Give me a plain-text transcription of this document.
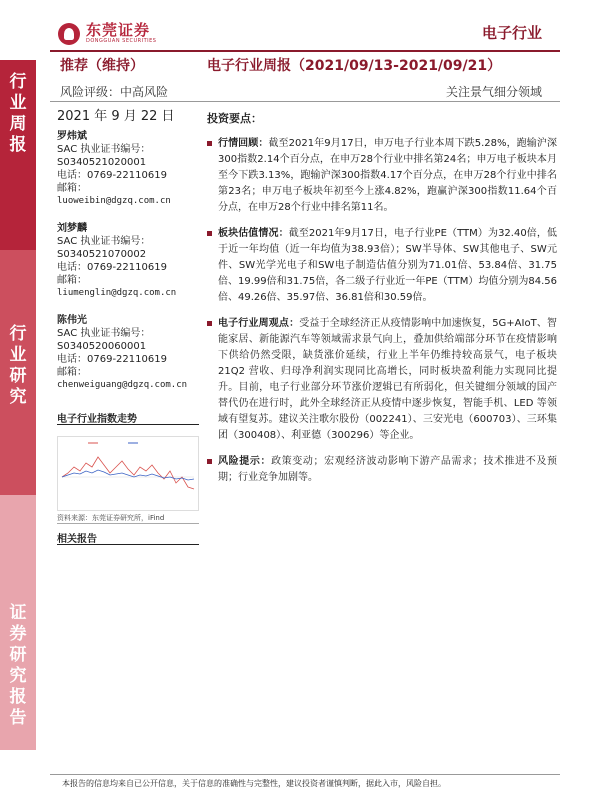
行
业
周
报
行
业
研
究
证
券
研
究
报
告
东莞证券
DONGGUAN SECURITIES	电子行业
推荐（维持）	电子行业周报（2021/09/13-2021/09/21）
风险评级：中高风险	关注景气细分领域
2021 年 9 月 22 日
罗炜斌
SAC 执业证书编号：
S0340521020001
电话：0769-22110619
邮箱：
luoweibin@dgzq.com.cn
刘梦麟
SAC 执业证书编号：
S0340521070002
电话：0769-22110619
邮箱：
liumenglin@dgzq.com.cn
陈伟光
SAC 执业证书编号：
S0340520060001
电话：0769-22110619
邮箱：
chenweiguang@dgzq.com.cn
电子行业指数走势
资料来源：东莞证券研究所，iFind
相关报告
投资要点：
行情回顾：截至2021年9月17日，申万电子行业本周下跌5.28%，跑输沪深300指数2.14个百分点，在申万28个行业中排名第24名；申万电子板块本月至今下跌3.13%，跑输沪深300指数4.17个百分点，在申万28个行业中排名第23名；申万电子板块年初至今上涨4.82%，跑赢沪深300指数11.64个百分点，在申万28个行业中排名第11名。
板块估值情况：截至2021年9月17日，电子行业PE（TTM）为32.40倍，低于近一年均值（近一年均值为38.93倍）；SW半导体、SW其他电子、SW元件、SW光学光电子和SW电子制造估值分别为71.01倍、53.84倍、31.75倍、19.99倍和31.75倍，各二级子行业近一年PE（TTM）均值分别为84.56倍、49.26倍、35.97倍、36.81倍和30.59倍。
电子行业周观点：受益于全球经济正从疫情影响中加速恢复，5G+AIoT、智能家居、新能源汽车等领域需求景气向上，叠加供给端部分环节在疫情影响下供给仍然受限，缺货涨价延续，行业上半年仍维持较高景气，电子板块 21Q2 营收、归母净利润实现同比高增长，同时板块盈利能力实现同比提升。目前，电子行业部分环节涨价逻辑已有所弱化，但关键细分领域的国产替代仍在进行时，此外全球经济正从疫情中逐步恢复，智能手机、LED 等领域有望复苏。建议关注歌尔股份（002241）、三安光电（600703）、三环集团（300408）、利亚德（300296）等企业。
风险提示：政策变动；宏观经济波动影响下游产品需求；技术推进不及预期；行业竞争加剧等。
本报告的信息均来自已公开信息，关于信息的准确性与完整性，建议投资者谨慎判断，据此入市，风险自担。
